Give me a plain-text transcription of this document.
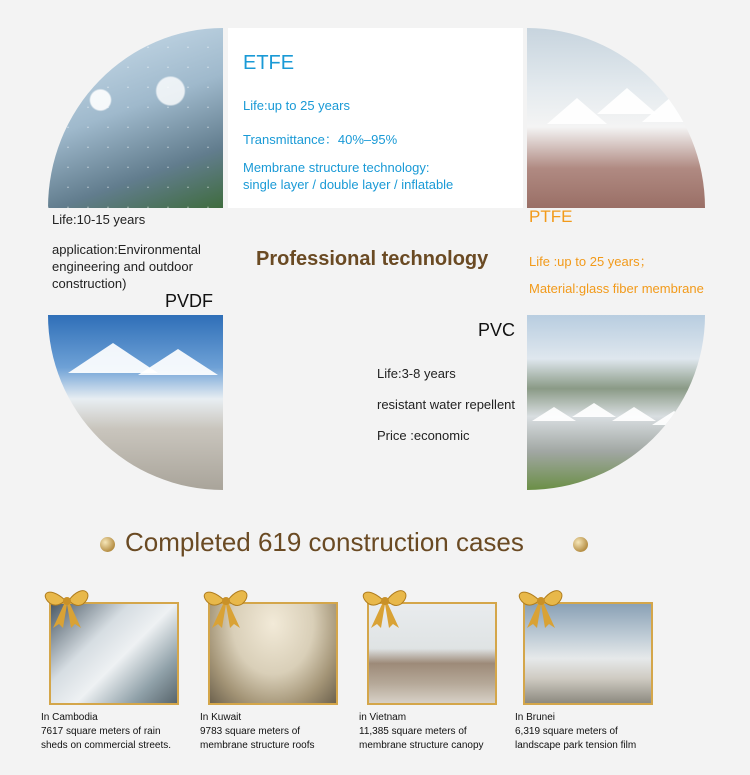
ETFE
Life:up to 25 years
Transmittance：40%–95%
Membrane structure technology:
single layer / double layer / inflatable
Life:10-15 years
application:Environmental
engineering and outdoor
construction)
PVDF
Professional technology
PTFE
Life :up to 25 years；
Material:glass fiber membrane
PVC
Life:3-8 years
resistant water repellent
Price :economic
Completed 619 construction cases
In Cambodia
7617 square meters of rain
sheds on commercial streets.
In Kuwait
9783 square meters of
membrane structure roofs
in Vietnam
11,385 square meters of
membrane structure canopy
In Brunei
6,319 square meters of
landscape park tension film
